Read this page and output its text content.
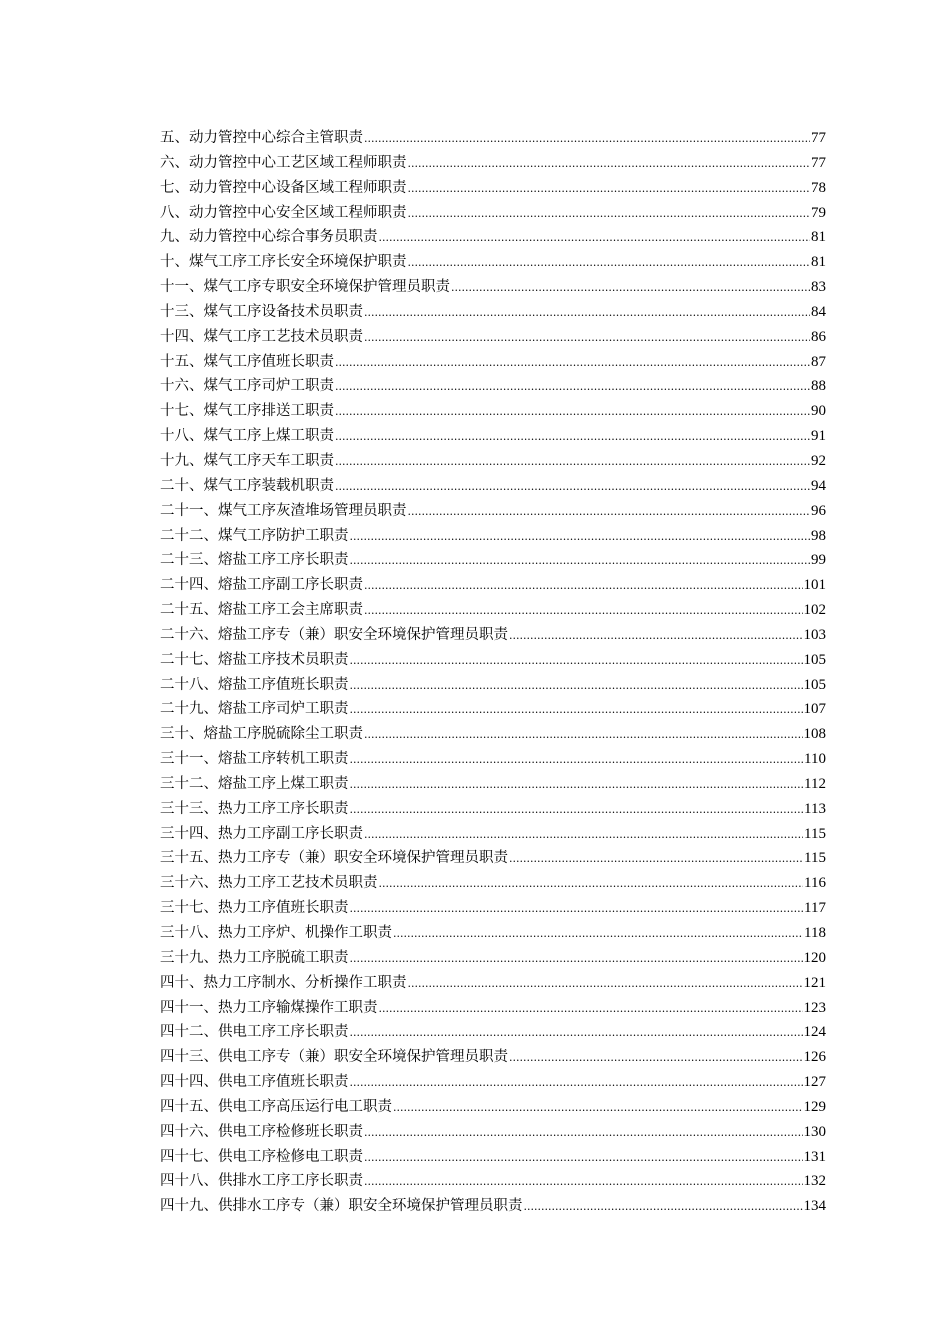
五、动力管控中心综合主管职责 .....	77
六、动力管控中心工艺区域工程师职责 .....	77
七、动力管控中心设备区域工程师职责 .....	78
八、动力管控中心安全区域工程师职责 .....	79
九、动力管控中心综合事务员职责 .....	81
十、煤气工序工序长安全环境保护职责 .....	81
十一、煤气工序专职安全环境保护管理员职责 .....	83
十三、煤气工序设备技术员职责 .....	84
十四、煤气工序工艺技术员职责 .....	86
十五、煤气工序值班长职责 .....	87
十六、煤气工序司炉工职责 .....	88
十七、煤气工序排送工职责 .....	90
十八、煤气工序上煤工职责 .....	91
十九、煤气工序天车工职责 .....	92
二十、煤气工序装载机职责 .....	94
二十一、煤气工序灰渣堆场管理员职责 .....	96
二十二、煤气工序防护工职责 .....	98
二十三、熔盐工序工序长职责 .....	99
二十四、熔盐工序副工序长职责 .....	101
二十五、熔盐工序工会主席职责 .....	102
二十六、熔盐工序专（兼）职安全环境保护管理员职责 .....	103
二十七、熔盐工序技术员职责 .....	105
二十八、熔盐工序值班长职责 .....	105
二十九、熔盐工序司炉工职责 .....	107
三十、熔盐工序脱硫除尘工职责 .....	108
三十一、熔盐工序转机工职责 .....	110
三十二、熔盐工序上煤工职责 .....	112
三十三、热力工序工序长职责 .....	113
三十四、热力工序副工序长职责 .....	115
三十五、热力工序专（兼）职安全环境保护管理员职责 .....	115
三十六、热力工序工艺技术员职责 .....	116
三十七、热力工序值班长职责 .....	117
三十八、热力工序炉、机操作工职责 .....	118
三十九、热力工序脱硫工职责 .....	120
四十、热力工序制水、分析操作工职责 .....	121
四十一、热力工序输煤操作工职责 .....	123
四十二、供电工序工序长职责 .....	124
四十三、供电工序专（兼）职安全环境保护管理员职责 .....	126
四十四、供电工序值班长职责 .....	127
四十五、供电工序高压运行电工职责 .....	129
四十六、供电工序检修班长职责 .....	130
四十七、供电工序检修电工职责 .....	131
四十八、供排水工序工序长职责 .....	132
四十九、供排水工序专（兼）职安全环境保护管理员职责 .....	134
